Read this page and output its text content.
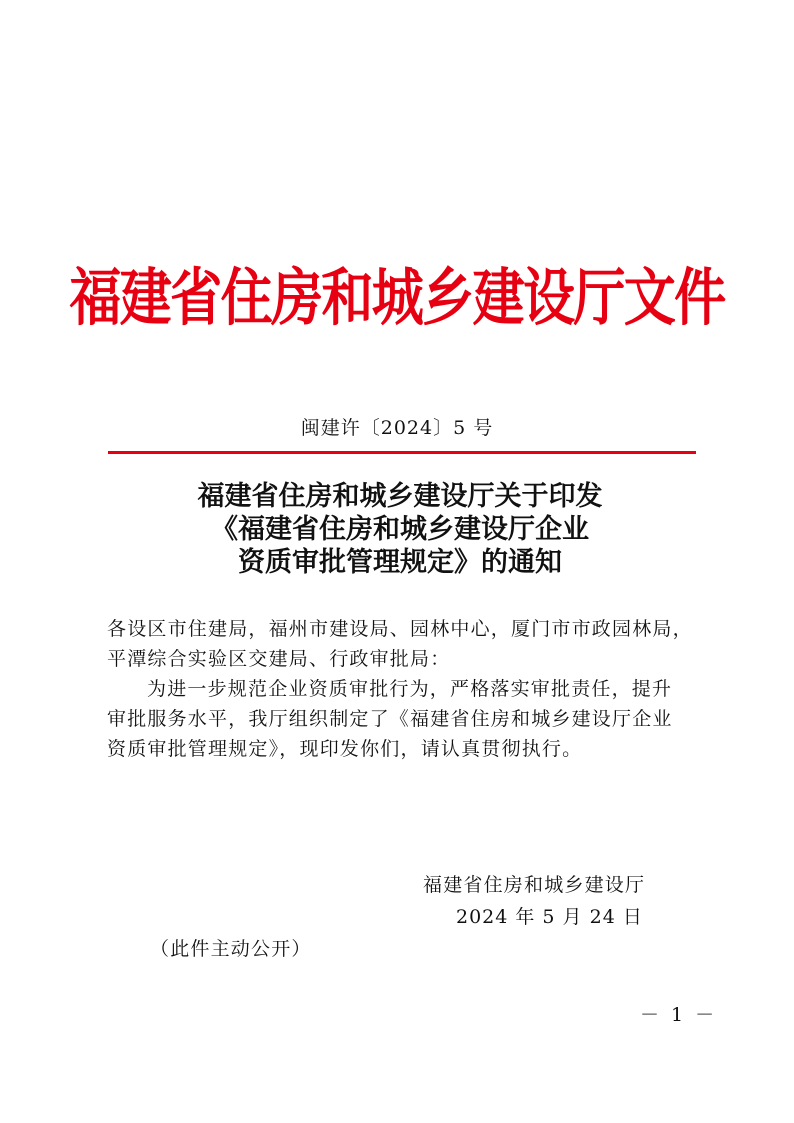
福建省住房和城乡建设厅文件
闽建许〔2024〕5 号
福建省住房和城乡建设厅关于印发
《福建省住房和城乡建设厅企业
资质审批管理规定》的通知

各设区市住建局，福州市建设局、园林中心，厦门市市政园林局，

平潭综合实验区交建局、行政审批局：

为进一步规范企业资质审批行为，严格落实审批责任，提升

审批服务水平，我厅组织制定了《福建省住房和城乡建设厅企业

资质审批管理规定》，现印发你们，请认真贯彻执行。

福建省住房和城乡建设厅
2024 年 5 月 24 日
（此件主动公开）
－ 1 －
